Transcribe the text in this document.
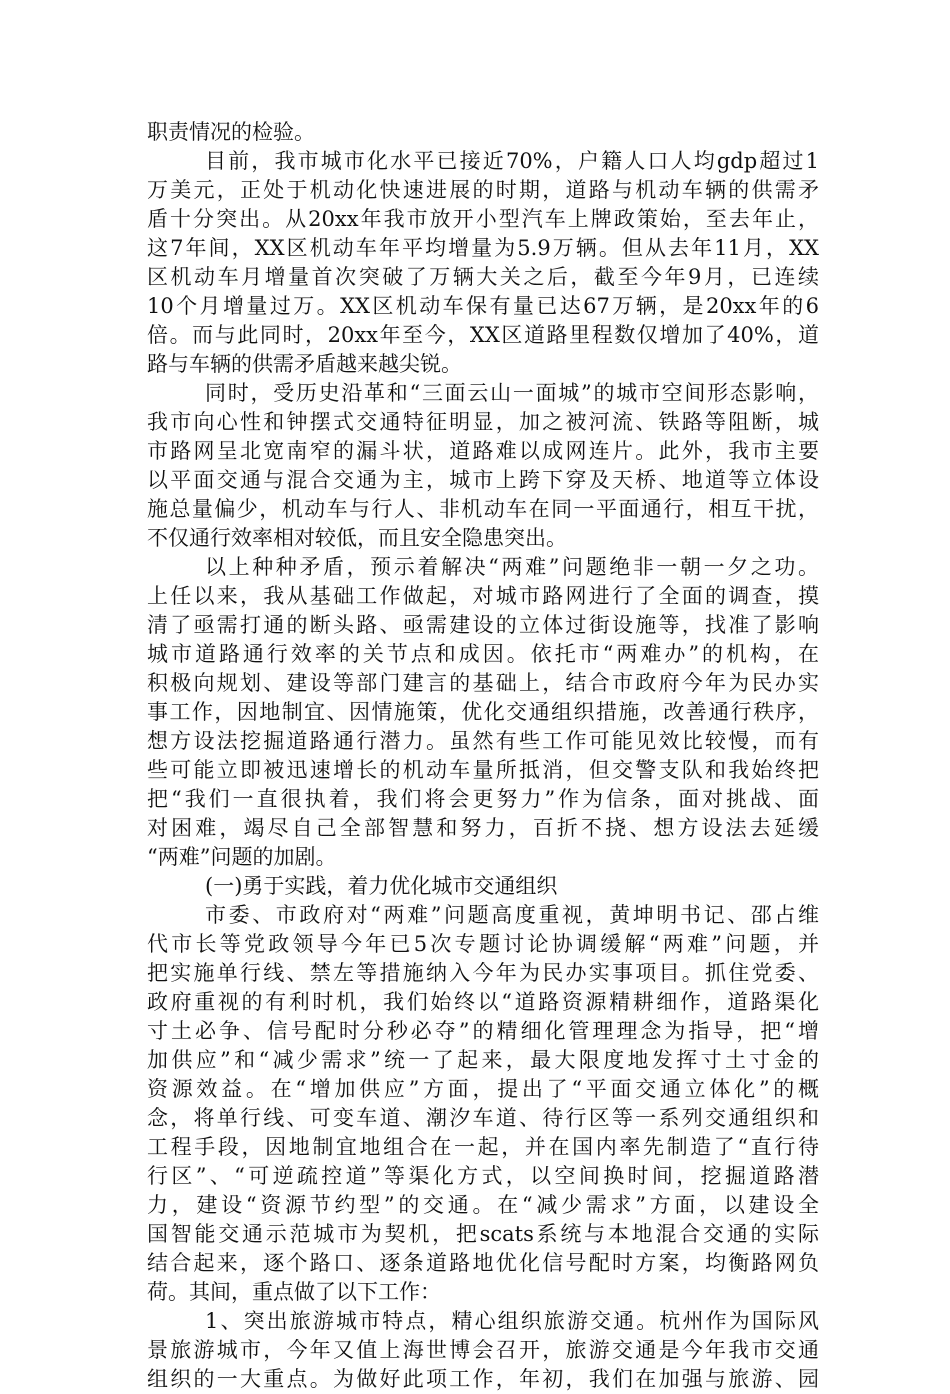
职责情况的检验。
目前，我市城市化水平已接近70%，户籍人口人均gdp超过1
万美元，正处于机动化快速进展的时期，道路与机动车辆的供需矛
盾十分突出。从20xx年我市放开小型汽车上牌政策始，至去年止，
这7年间，XX区机动车年平均增量为5.9万辆。但从去年11月，XX
区机动车月增量首次突破了万辆大关之后，截至今年9月，已连续
10个月增量过万。XX区机动车保有量已达67万辆，是20xx年的6
倍。而与此同时，20xx年至今，XX区道路里程数仅增加了40%，道
路与车辆的供需矛盾越来越尖锐。
同时，受历史沿革和“三面云山一面城”的城市空间形态影响，
我市向心性和钟摆式交通特征明显，加之被河流、铁路等阻断，城
市路网呈北宽南窄的漏斗状，道路难以成网连片。此外，我市主要
以平面交通与混合交通为主，城市上跨下穿及天桥、地道等立体设
施总量偏少，机动车与行人、非机动车在同一平面通行，相互干扰，
不仅通行效率相对较低，而且安全隐患突出。
以上种种矛盾，预示着解决“两难”问题绝非一朝一夕之功。
上任以来，我从基础工作做起，对城市路网进行了全面的调查，摸
清了亟需打通的断头路、亟需建设的立体过街设施等，找准了影响
城市道路通行效率的关节点和成因。依托市“两难办”的机构，在
积极向规划、建设等部门建言的基础上，结合市政府今年为民办实
事工作，因地制宜、因情施策，优化交通组织措施，改善通行秩序，
想方设法挖掘道路通行潜力。虽然有些工作可能见效比较慢，而有
些可能立即被迅速增长的机动车量所抵消，但交警支队和我始终把
把“我们一直很执着，我们将会更努力”作为信条，面对挑战、面
对困难，竭尽自己全部智慧和努力，百折不挠、想方设法去延缓
“两难”问题的加剧。
(一)勇于实践，着力优化城市交通组织
市委、市政府对“两难”问题高度重视，黄坤明书记、邵占维
代市长等党政领导今年已5次专题讨论协调缓解“两难”问题，并
把实施单行线、禁左等措施纳入今年为民办实事项目。抓住党委、
政府重视的有利时机，我们始终以“道路资源精耕细作，道路渠化
寸土必争、信号配时分秒必夺”的精细化管理理念为指导，把“增
加供应”和“减少需求”统一了起来，最大限度地发挥寸土寸金的
资源效益。在“增加供应”方面，提出了“平面交通立体化”的概
念，将单行线、可变车道、潮汐车道、待行区等一系列交通组织和
工程手段，因地制宜地组合在一起，并在国内率先制造了“直行待
行区”、“可逆疏控道”等渠化方式，以空间换时间，挖掘道路潜
力，建设“资源节约型”的交通。在“减少需求”方面，以建设全
国智能交通示范城市为契机，把scats系统与本地混合交通的实际
结合起来，逐个路口、逐条道路地优化信号配时方案，均衡路网负
荷。其间，重点做了以下工作：
1、突出旅游城市特点，精心组织旅游交通。杭州作为国际风
景旅游城市，今年又值上海世博会召开，旅游交通是今年我市交通
组织的一大重点。为做好此项工作，年初，我们在加强与旅游、园
